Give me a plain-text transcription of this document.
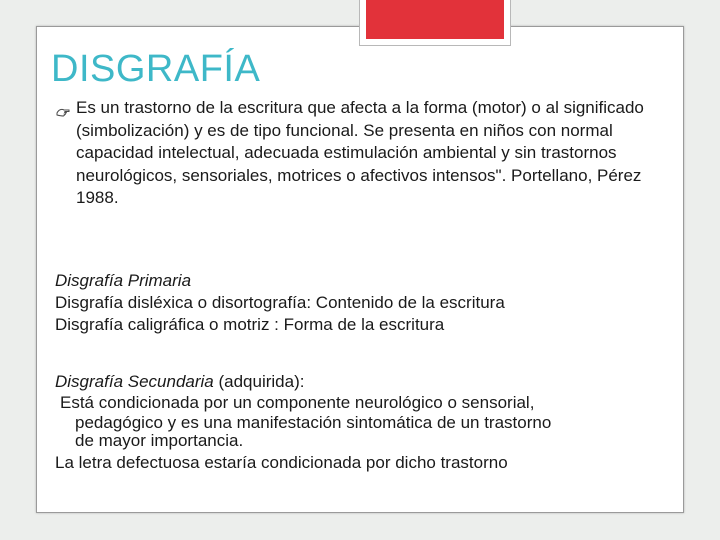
DISGRAFÍA

Es un trastorno de la escritura que afecta a la forma (motor) o al significado (simbolización) y es de tipo funcional. Se presenta en niños con normal capacidad intelectual, adecuada estimulación ambiental y sin trastornos neurológicos, sensoriales, motrices o afectivos intensos". Portellano, Pérez 1988.

Disgrafía Primaria

Disgrafía disléxica o disortografía: Contenido de la escritura

Disgrafía caligráfica o motriz : Forma de la escritura

Disgrafía Secundaria (adquirida):

Está condicionada por un componente neurológico o sensorial,

pedagógico y es una manifestación sintomática de un trastorno

de mayor importancia.

La letra defectuosa estaría condicionada por dicho trastorno
